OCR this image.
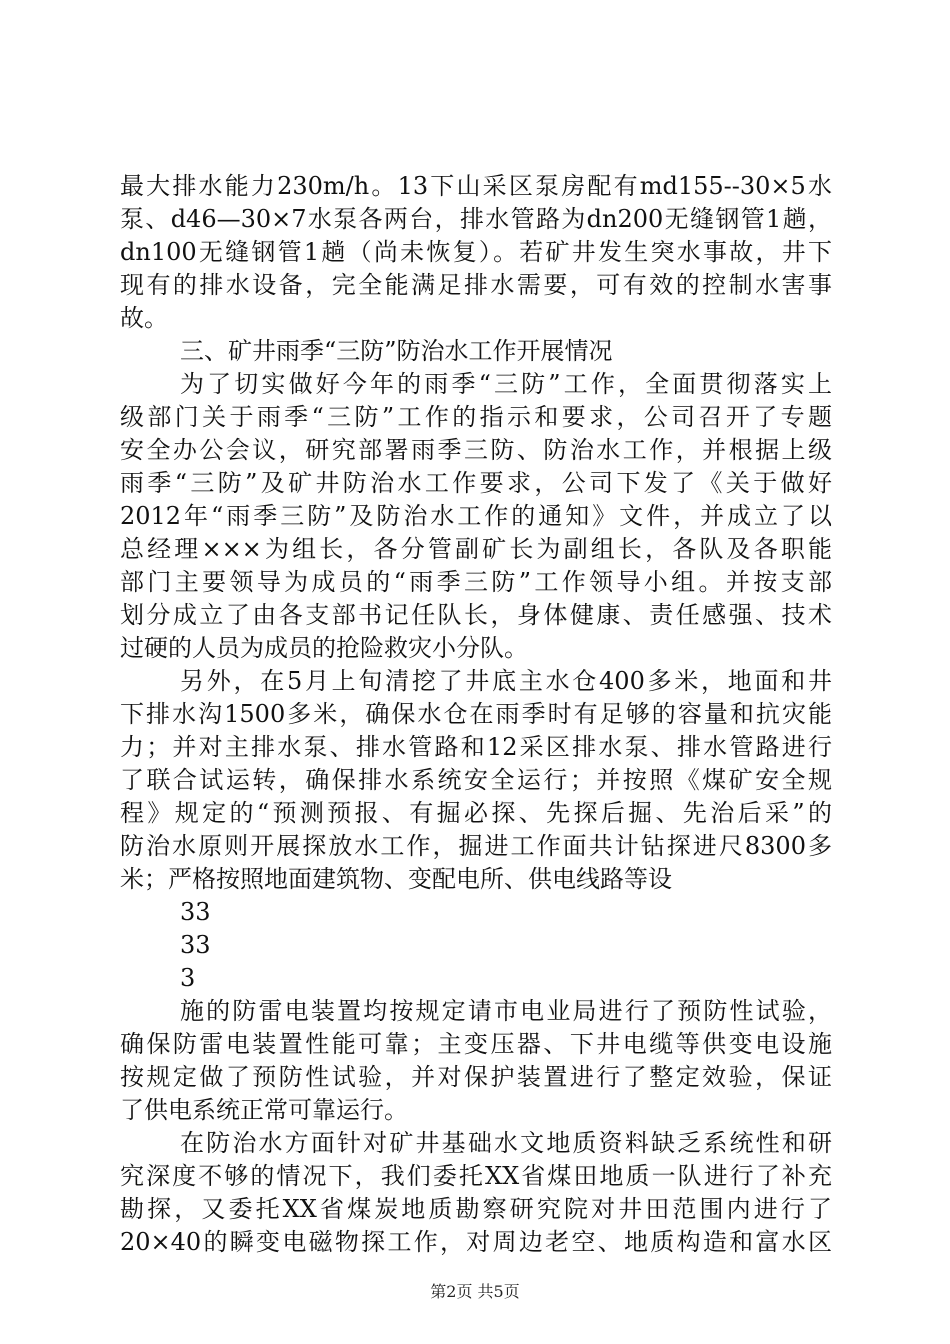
最大排水能力230m/h。13下山采区泵房配有md155--30×5水
泵、d46—30×7水泵各两台，排水管路为dn200无缝钢管1趟，
dn100无缝钢管1趟（尚未恢复）。若矿井发生突水事故，井下
现有的排水设备，完全能满足排水需要，可有效的控制水害事
故。
三、矿井雨季“三防”防治水工作开展情况
为了切实做好今年的雨季“三防”工作，全面贯彻落实上
级部门关于雨季“三防”工作的指示和要求，公司召开了专题
安全办公会议，研究部署雨季三防、防治水工作，并根据上级
雨季“三防”及矿井防治水工作要求，公司下发了《关于做好
2012年“雨季三防”及防治水工作的通知》文件，并成立了以
总经理×××为组长，各分管副矿长为副组长，各队及各职能
部门主要领导为成员的“雨季三防”工作领导小组。并按支部
划分成立了由各支部书记任队长，身体健康、责任感强、技术
过硬的人员为成员的抢险救灾小分队。
另外，在5月上旬清挖了井底主水仓400多米，地面和井
下排水沟1500多米，确保水仓在雨季时有足够的容量和抗灾能
力；并对主排水泵、排水管路和12采区排水泵、排水管路进行
了联合试运转，确保排水系统安全运行；并按照《煤矿安全规
程》规定的“预测预报、有掘必探、先探后掘、先治后采”的
防治水原则开展探放水工作，掘进工作面共计钻探进尺8300多
米；严格按照地面建筑物、变配电所、供电线路等设
33
33
3
施的防雷电装置均按规定请市电业局进行了预防性试验，
确保防雷电装置性能可靠；主变压器、下井电缆等供变电设施
按规定做了预防性试验，并对保护装置进行了整定效验，保证
了供电系统正常可靠运行。
在防治水方面针对矿井基础水文地质资料缺乏系统性和研
究深度不够的情况下，我们委托XX省煤田地质一队进行了补充
勘探，又委托XX省煤炭地质勘察研究院对井田范围内进行了
20×40的瞬变电磁物探工作，对周边老空、地质构造和富水区
第2页 共5页
